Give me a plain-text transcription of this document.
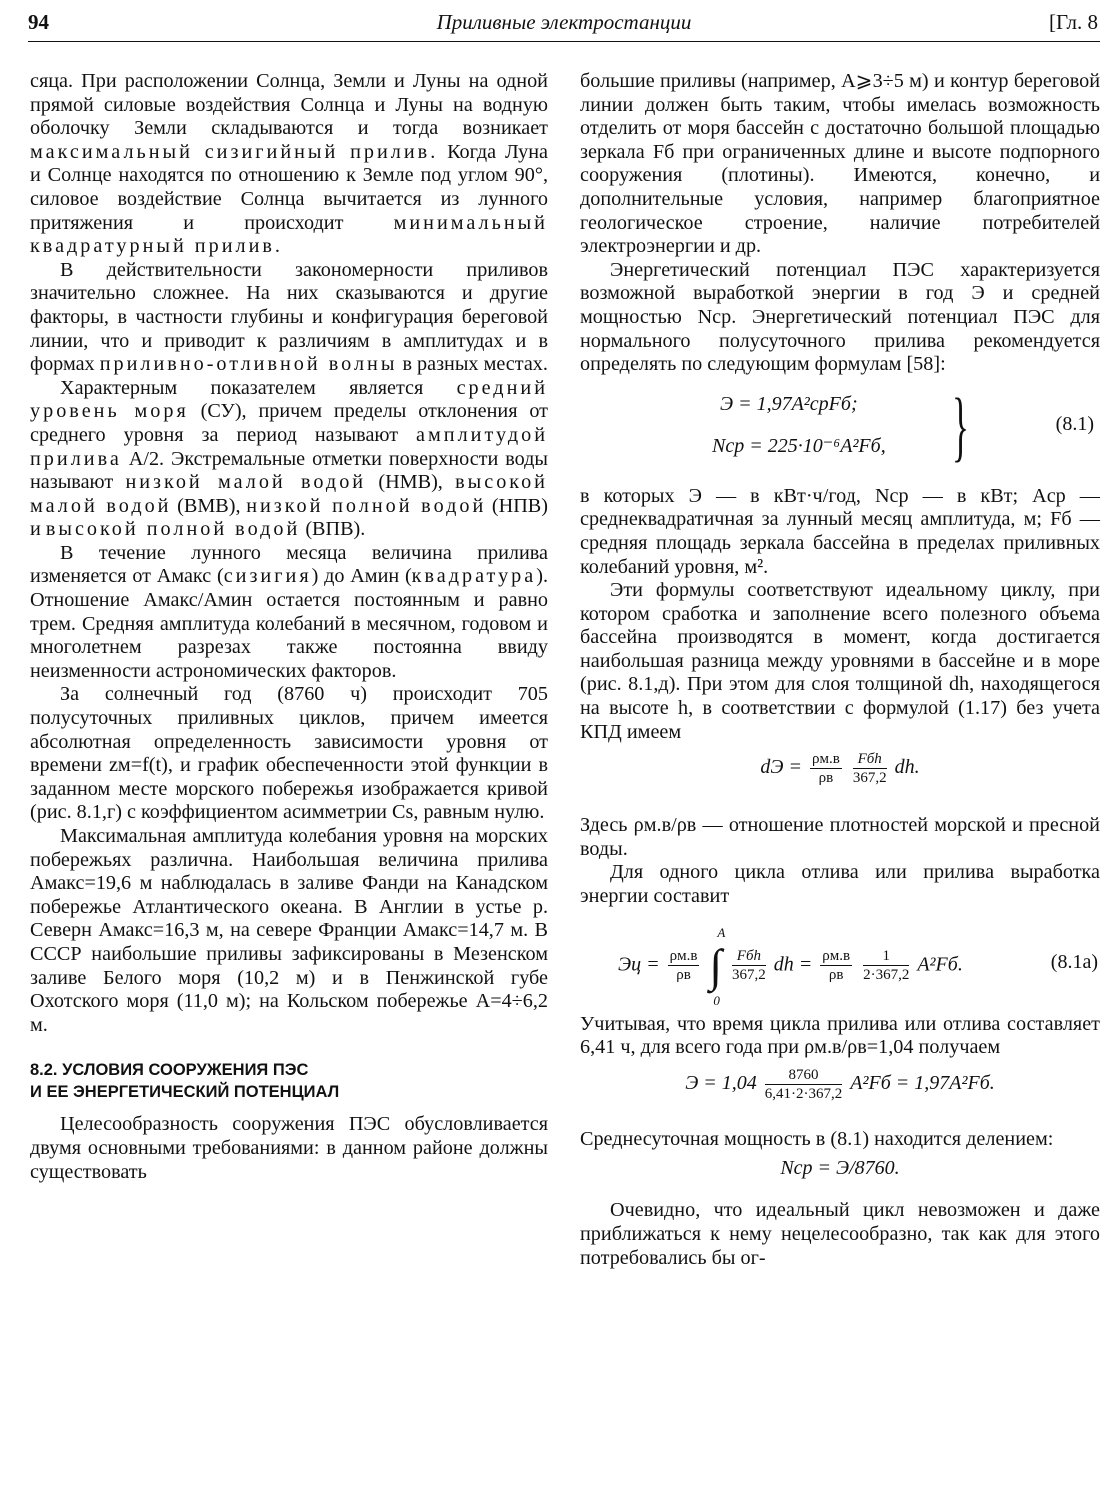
94	Приливные электростанции	[Гл. 8

сяца. При расположении Солнца, Земли и Луны на одной прямой силовые воздействия Солнца и Луны на водную оболочку Земли складываются и тогда возникает максимальный сизигийный прилив. Когда Луна и Солнце находятся по отношению к Земле под углом 90°, силовое воздействие Солнца вычитается из лунного притяжения и происходит минимальный квадратурный прилив.

В действительности закономерности приливов значительно сложнее. На них сказываются и другие факторы, в частности глубины и конфигурация береговой линии, что и приводит к различиям в амплитудах и в формах приливно-отливной волны в разных местах.

Характерным показателем является средний уровень моря (СУ), причем пределы отклонения от среднего уровня за период называют амплитудой прилива A/2. Экстремальные отметки поверхности воды называют низкой малой водой (НМВ), высокой малой водой (ВМВ), низкой полной водой (НПВ) и высокой полной водой (ВПВ).

В течение лунного месяца величина прилива изменяется от Aмакс (сизигия) до Aмин (квадратура). Отношение Aмакс/Aмин остается постоянным и равно трем. Средняя амплитуда колебаний в месячном, годовом и многолетнем разрезах также постоянна ввиду неизменности астрономических факторов.

За солнечный год (8760 ч) происходит 705 полусуточных приливных циклов, причем имеется абсолютная определенность зависимости уровня от времени zм=f(t), и график обеспеченности этой функции в заданном месте морского побережья изображается кривой (рис. 8.1,г) с коэффициентом асимметрии Cs, равным нулю.

Максимальная амплитуда колебания уровня на морских побережьях различна. Наибольшая величина прилива Aмакс=19,6 м наблюдалась в заливе Фанди на Канадском побережье Атлантического океана. В Англии в устье р. Северн Aмакс=16,3 м, на севере Франции Aмакс=14,7 м. В СССР наибольшие приливы зафиксированы в Мезенском заливе Белого моря (10,2 м) и в Пенжинской губе Охотского моря (11,0 м); на Кольском побережье A=4÷6,2 м.

8.2. УСЛОВИЯ СООРУЖЕНИЯ ПЭС
И ЕЕ ЭНЕРГЕТИЧЕСКИЙ ПОТЕНЦИАЛ

Целесообразность сооружения ПЭС обусловливается двумя основными требованиями: в данном районе должны существовать

большие приливы (например, A⩾3÷5 м) и контур береговой линии должен быть таким, чтобы имелась возможность отделить от моря бассейн с достаточно большой площадью зеркала Fб при ограниченных длине и высоте подпорного сооружения (плотины). Имеются, конечно, и дополнительные условия, например благоприятное геологическое строение, наличие потребителей электроэнергии и др.

Энергетический потенциал ПЭС характеризуется возможной выработкой энергии в год Э и средней мощностью Nср. Энергетический потенциал ПЭС для нормального полусуточного прилива рекомендуется определять по следующим формулам [58]:

Э = 1,97A²срFб;
Nср = 225·10⁻⁶A²Fб, }	(8.1)

в которых Э — в кВт·ч/год, Nср — в кВт; Aср — среднеквадратичная за лунный месяц амплитуда, м; Fб — средняя площадь зеркала бассейна в пределах приливных колебаний уровня, м².

Эти формулы соответствуют идеальному циклу, при котором сработка и заполнение всего полезного объема бассейна производятся в момент, когда достигается наибольшая разница между уровнями в бассейне и в море (рис. 8.1,д). При этом для слоя толщиной dh, находящегося на высоте h, в соответствии с формулой (1.17) без учета КПД имеем

dЭ = $\frac{\rho м.в}{\rho в}$
$\frac{\text{Fбh}}{367,2}$ dh.

Здесь ρм.в/ρв — отношение плотностей морской и пресной воды.

Для одного цикла отлива или прилива выработка энергии составит

Эц = $\frac{\rho м.в}{\rho в}$

A
∫
0

$\frac{\text{Fбh}}{367,2}$ dh = $\frac{\rho м.в}{\rho в}$
$\frac{1}{2\cdot 367,2} A^2Fб$.	(8.1а)

Учитывая, что время цикла прилива или отлива составляет 6,41 ч, для всего года при ρм.в/ρв=1,04 получаем

$Э = 1,04 \frac{8760}{6,41\cdot 2\cdot 367,2} A^2Fб = 1,97A^2Fб$.

Среднесуточная мощность в (8.1) находится делением:

Nср = Э/8760.

Очевидно, что идеальный цикл невозможен и даже приближаться к нему нецелесообразно, так как для этого потребовались бы ог-
